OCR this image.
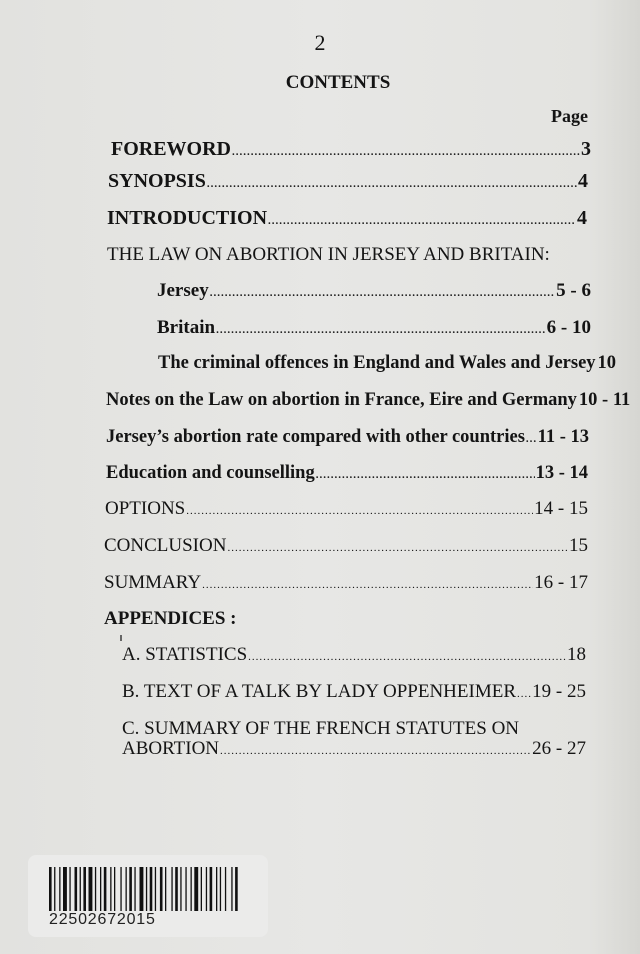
2
CONTENTS
Page
FOREWORD .....	3
SYNOPSIS .....	4
INTRODUCTION .....	4
THE LAW ON ABORTION IN JERSEY AND BRITAIN:
Jersey .....	5 - 6
Britain .....	6 - 10
The criminal offences in England and Wales and Jersey 10
Notes on the Law on abortion in France, Eire and Germany 10 - 11
Jersey’s abortion rate compared with other countries ..... 11 - 13
Education and counselling .....	13 - 14
OPTIONS .....	14 - 15
CONCLUSION .....	15
SUMMARY .....	16 - 17
APPENDICES :
A. STATISTICS .....	18
B. TEXT OF A TALK BY LADY OPPENHEIMER ..... 19 - 25
C. SUMMARY OF THE FRENCH STATUTES ON
ABORTION .....	26 - 27
22502672015
